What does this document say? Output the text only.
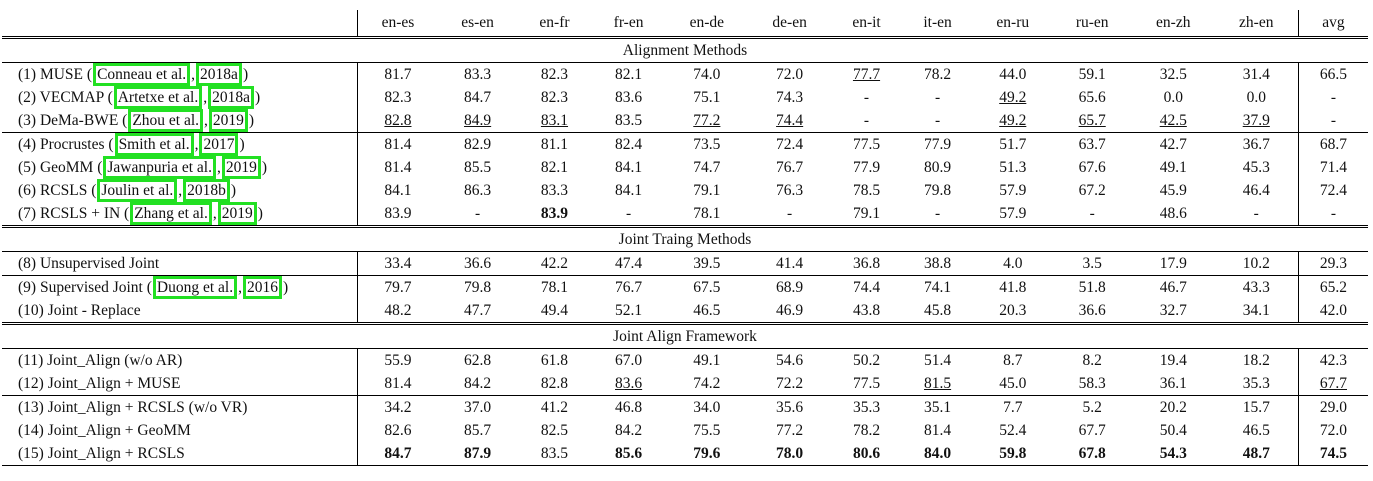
	en-es	es-en	en-fr	fr-en	en-de	de-en	en-it	it-en	en-ru	ru-en	en-zh	zh-en	avg
Alignment Methods													
(1) MUSE ( Conneau et al. , 2018a )	81.7	83.3	82.3	82.1	74.0	72.0	77.7	78.2	44.0	59.1	32.5	31.4	66.5
(2) VECMAP ( Artetxe et al. , 2018a )	82.3	84.7	82.3	83.6	75.1	74.3	-	-	49.2	65.6	0.0	0.0	-
(3) DeMa-BWE ( Zhou et al. , 2019 )	82.8	84.9	83.1	83.5	77.2	74.4	-	-	49.2	65.7	42.5	37.9	-
(4) Procrustes ( Smith et al. , 2017 )	81.4	82.9	81.1	82.4	73.5	72.4	77.5	77.9	51.7	63.7	42.7	36.7	68.7
(5) GeoMM ( Jawanpuria et al. , 2019 )	81.4	85.5	82.1	84.1	74.7	76.7	77.9	80.9	51.3	67.6	49.1	45.3	71.4
(6) RCSLS ( Joulin et al. , 2018b )	84.1	86.3	83.3	84.1	79.1	76.3	78.5	79.8	57.9	67.2	45.9	46.4	72.4
(7) RCSLS + IN ( Zhang et al. , 2019 )	83.9	-	83.9	-	78.1	-	79.1	-	57.9	-	48.6	-	-
Joint Traing Methods													
(8) Unsupervised Joint	33.4	36.6	42.2	47.4	39.5	41.4	36.8	38.8	4.0	3.5	17.9	10.2	29.3
(9) Supervised Joint ( Duong et al. , 2016 )	79.7	79.8	78.1	76.7	67.5	68.9	74.4	74.1	41.8	51.8	46.7	43.3	65.2
(10) Joint - Replace	48.2	47.7	49.4	52.1	46.5	46.9	43.8	45.8	20.3	36.6	32.7	34.1	42.0
Joint Align Framework													
(11) Joint_Align (w/o AR)	55.9	62.8	61.8	67.0	49.1	54.6	50.2	51.4	8.7	8.2	19.4	18.2	42.3
(12) Joint_Align + MUSE	81.4	84.2	82.8	83.6	74.2	72.2	77.5	81.5	45.0	58.3	36.1	35.3	67.7
(13) Joint_Align + RCSLS (w/o VR)	34.2	37.0	41.2	46.8	34.0	35.6	35.3	35.1	7.7	5.2	20.2	15.7	29.0
(14) Joint_Align + GeoMM	82.6	85.7	82.5	84.2	75.5	77.2	78.2	81.4	52.4	67.7	50.4	46.5	72.0
(15) Joint_Align + RCSLS	84.7	87.9	83.5	85.6	79.6	78.0	80.6	84.0	59.8	67.8	54.3	48.7	74.5
